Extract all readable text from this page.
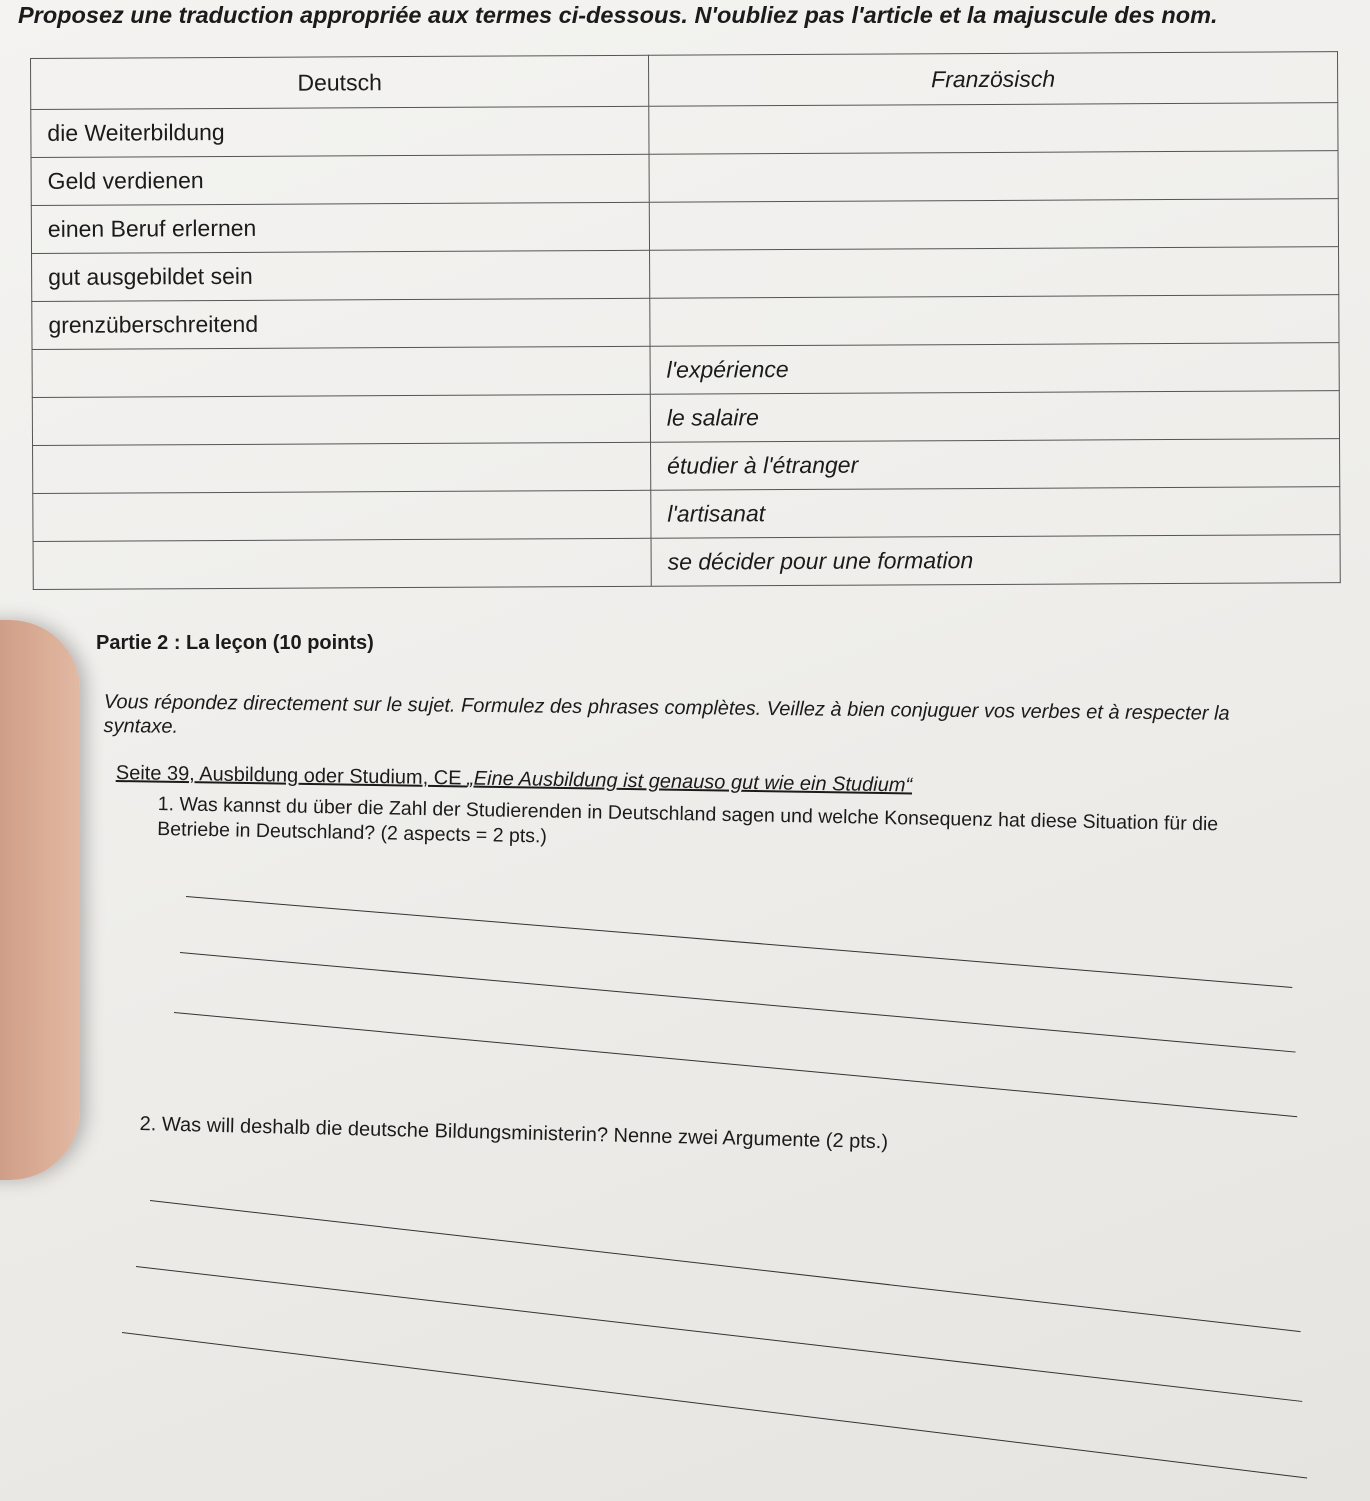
Proposez une traduction appropriée aux termes ci-dessous. N'oubliez pas l'article et la majuscule des nom.
Deutsch	Französisch
die Weiterbildung	
Geld verdienen	
einen Beruf erlernen	
gut ausgebildet sein	
grenzüberschreitend	
	l'expérience
	le salaire
	étudier à l'étranger
	l'artisanat
	se décider pour une formation
Partie 2 : La leçon (10 points)
Vous répondez directement sur le sujet. Formulez des phrases complètes. Veillez à bien conjuguer vos verbes et à respecter la syntaxe.
Seite 39, Ausbildung oder Studium, CE „Eine Ausbildung ist genauso gut wie ein Studium“
1. Was kannst du über die Zahl der Studierenden in Deutschland sagen und welche Konsequenz hat diese Situation für die Betriebe in Deutschland? (2 aspects = 2 pts.)
2. Was will deshalb die deutsche Bildungsministerin? Nenne zwei Argumente (2 pts.)
